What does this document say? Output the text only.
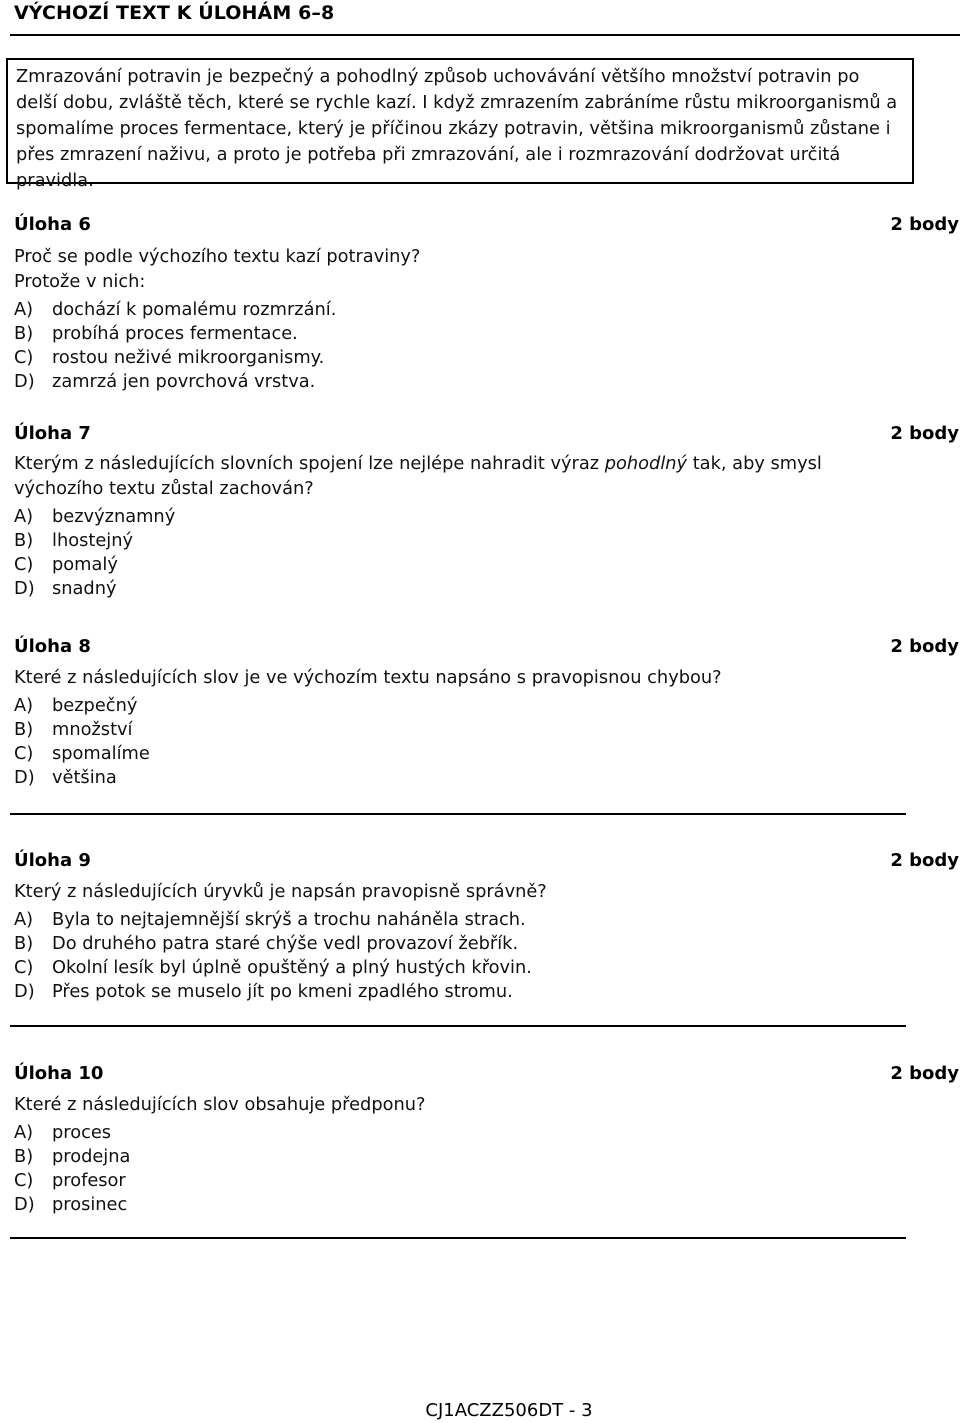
VÝCHOZÍ TEXT K ÚLOHÁM 6–8
Zmrazování potravin je bezpečný a pohodlný způsob uchovávání většího množství potravin po
delší dobu, zvláště těch, které se rychle kazí. I když zmrazením zabráníme růstu mikroorganismů a
spomalíme proces fermentace, který je příčinou zkázy potravin, většina mikroorganismů zůstane i
přes zmrazení naživu, a proto je potřeba při zmrazování, ale i rozmrazování dodržovat určitá
pravidla.
Úloha 6	2 body
Proč se podle výchozího textu kazí potraviny?
Protože v nich:
A) dochází k pomalému rozmrzání.
B) probíhá proces fermentace.
C) rostou neživé mikroorganismy.
D) zamrzá jen povrchová vrstva.
Úloha 7	2 body
Kterým z následujících slovních spojení lze nejlépe nahradit výraz pohodlný tak, aby smysl
výchozího textu zůstal zachován?
A) bezvýznamný
B) lhostejný
C) pomalý
D) snadný
Úloha 8	2 body
Které z následujících slov je ve výchozím textu napsáno s pravopisnou chybou?
A) bezpečný
B) množství
C) spomalíme
D) většina
Úloha 9	2 body
Který z následujících úryvků je napsán pravopisně správně?
A) Byla to nejtajemnější skrýš a trochu naháněla strach.
B) Do druhého patra staré chýše vedl provazoví žebřík.
C) Okolní lesík byl úplně opuštěný a plný hustých křovin.
D) Přes potok se muselo jít po kmeni zpadlého stromu.
Úloha 10	2 body
Které z následujících slov obsahuje předponu?
A) proces
B) prodejna
C) profesor
D) prosinec
CJ1ACZZ506DT - 3
